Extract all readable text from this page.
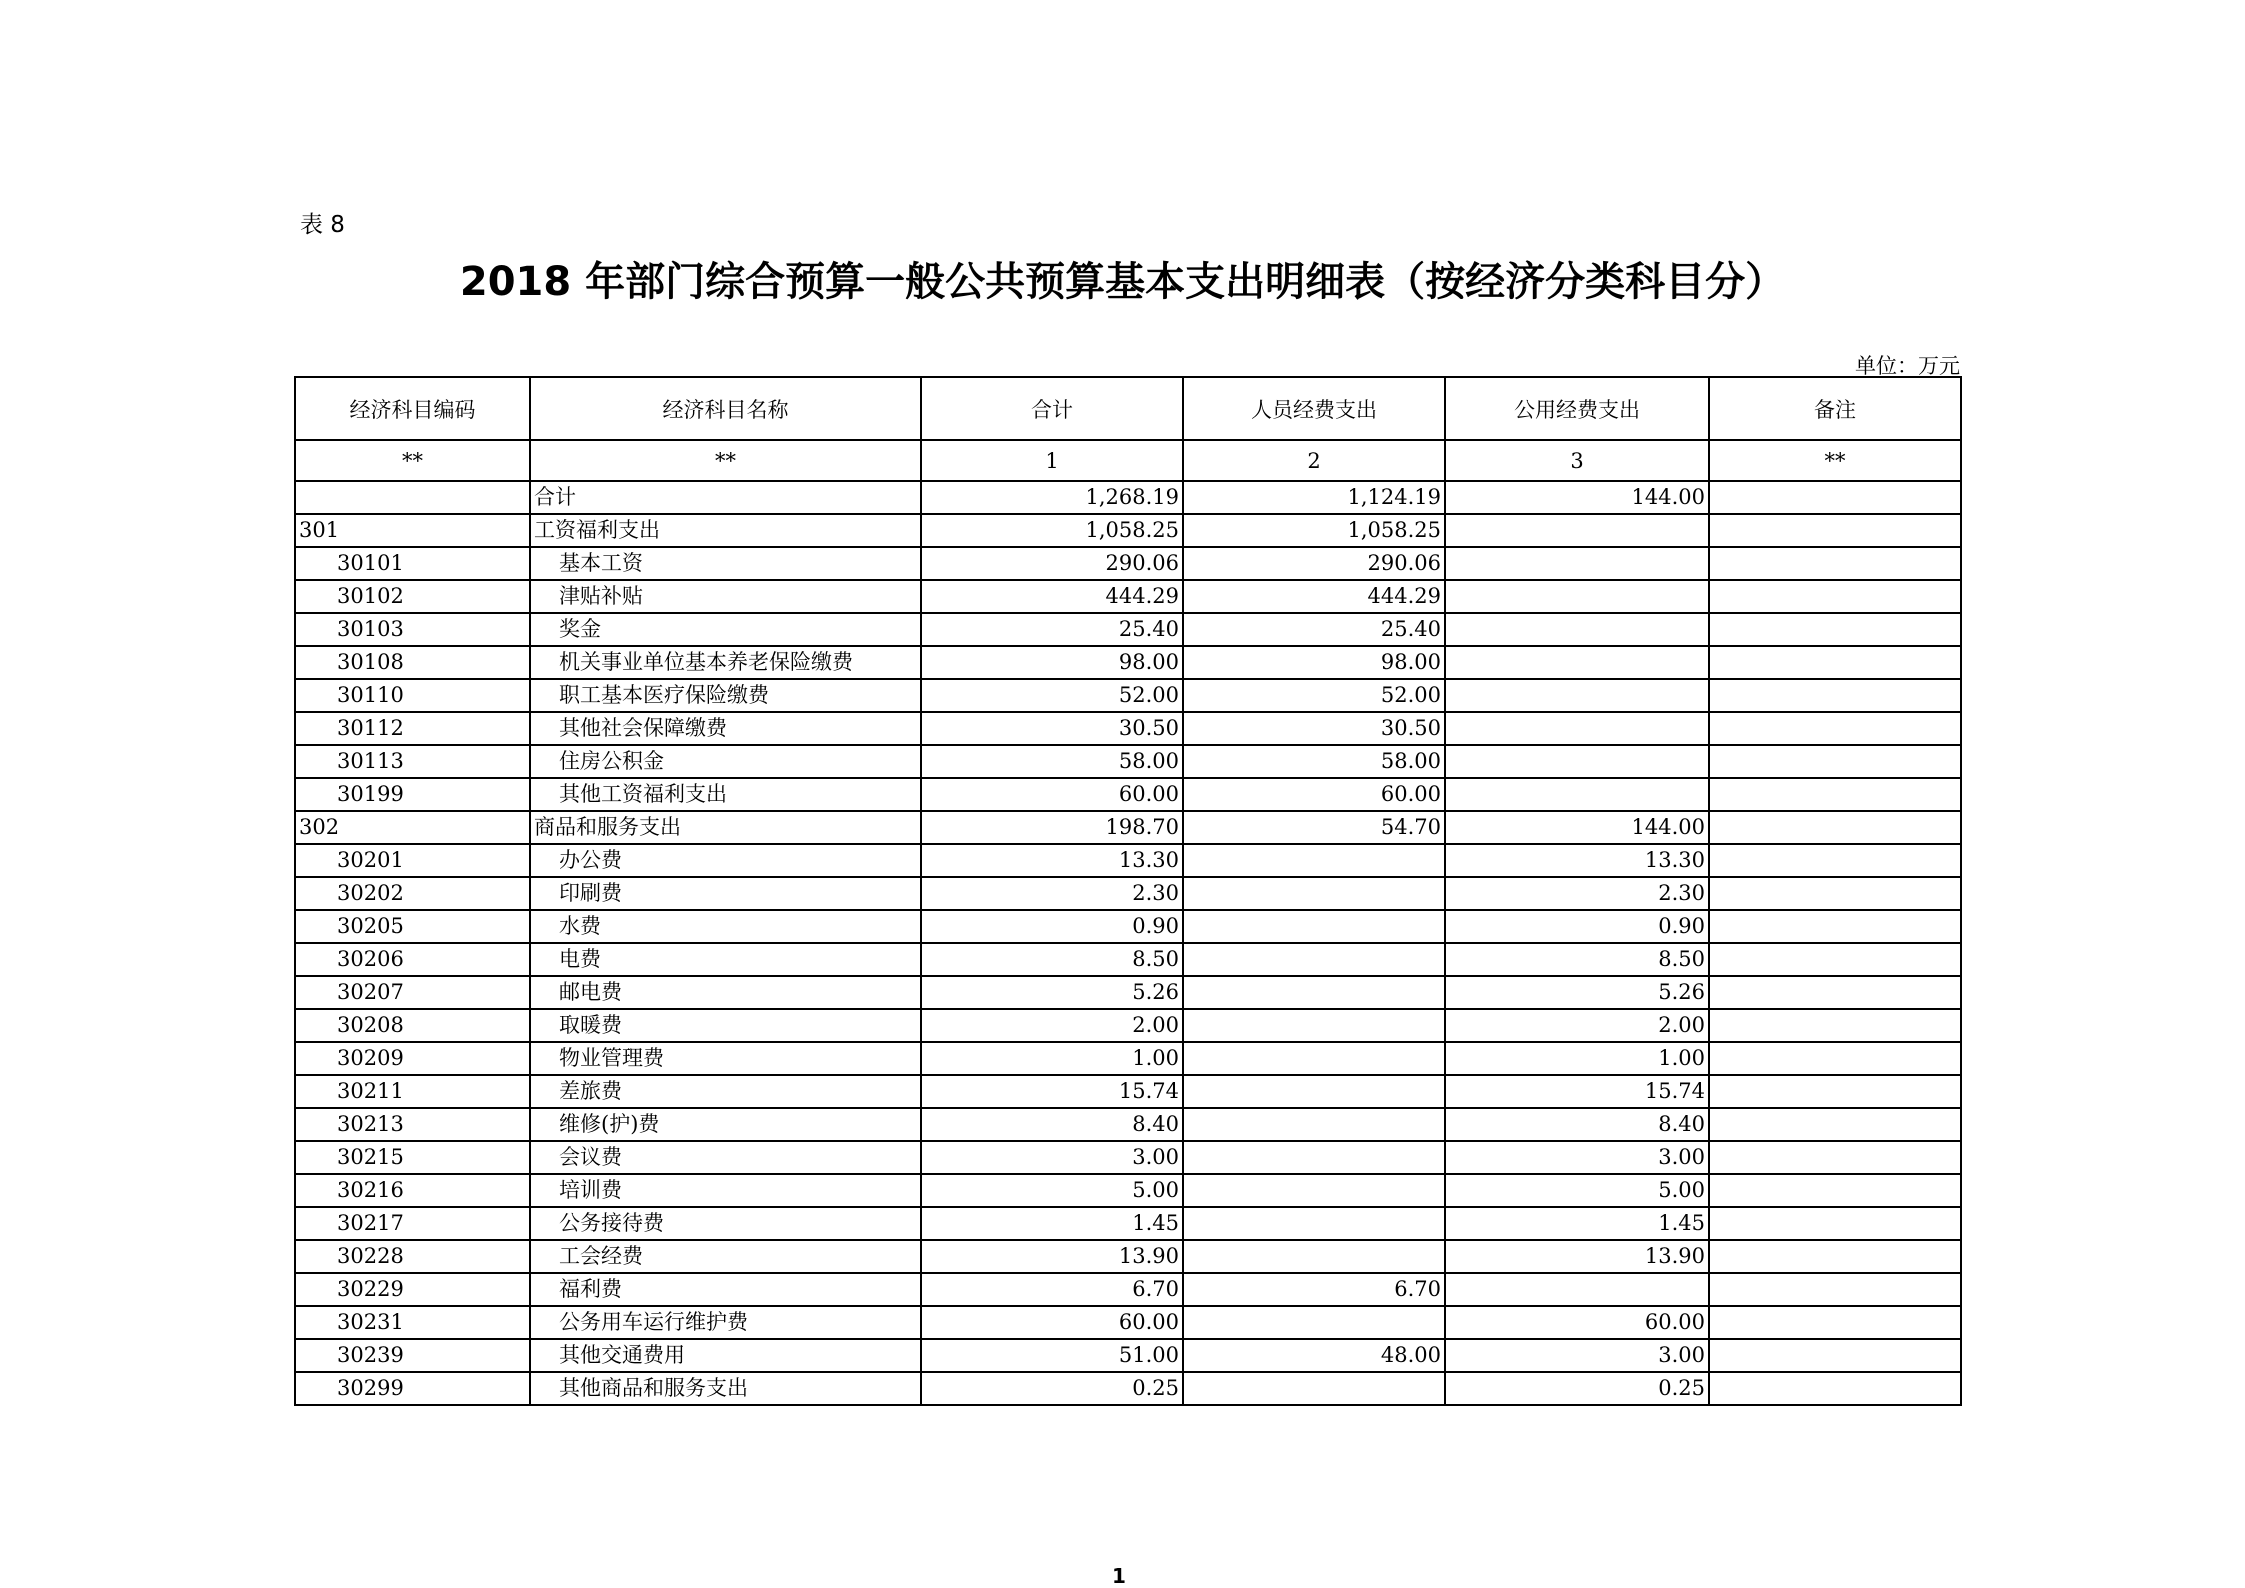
表 8
2018 年部门综合预算一般公共预算基本支出明细表（按经济分类科目分）
单位：万元
经济科目编码	经济科目名称	合计	人员经费支出	公用经费支出	备注
**	**	1	2	3	**
	合计	1,268.19	1,124.19	144.00	
301	工资福利支出	1,058.25	1,058.25		
30101	基本工资	290.06	290.06		
30102	津贴补贴	444.29	444.29		
30103	奖金	25.40	25.40		
30108	机关事业单位基本养老保险缴费	98.00	98.00		
30110	职工基本医疗保险缴费	52.00	52.00		
30112	其他社会保障缴费	30.50	30.50		
30113	住房公积金	58.00	58.00		
30199	其他工资福利支出	60.00	60.00		
302	商品和服务支出	198.70	54.70	144.00	
30201	办公费	13.30		13.30	
30202	印刷费	2.30		2.30	
30205	水费	0.90		0.90	
30206	电费	8.50		8.50	
30207	邮电费	5.26		5.26	
30208	取暖费	2.00		2.00	
30209	物业管理费	1.00		1.00	
30211	差旅费	15.74		15.74	
30213	维修(护)费	8.40		8.40	
30215	会议费	3.00		3.00	
30216	培训费	5.00		5.00	
30217	公务接待费	1.45		1.45	
30228	工会经费	13.90		13.90	
30229	福利费	6.70	6.70		
30231	公务用车运行维护费	60.00		60.00	
30239	其他交通费用	51.00	48.00	3.00	
30299	其他商品和服务支出	0.25		0.25	
1
